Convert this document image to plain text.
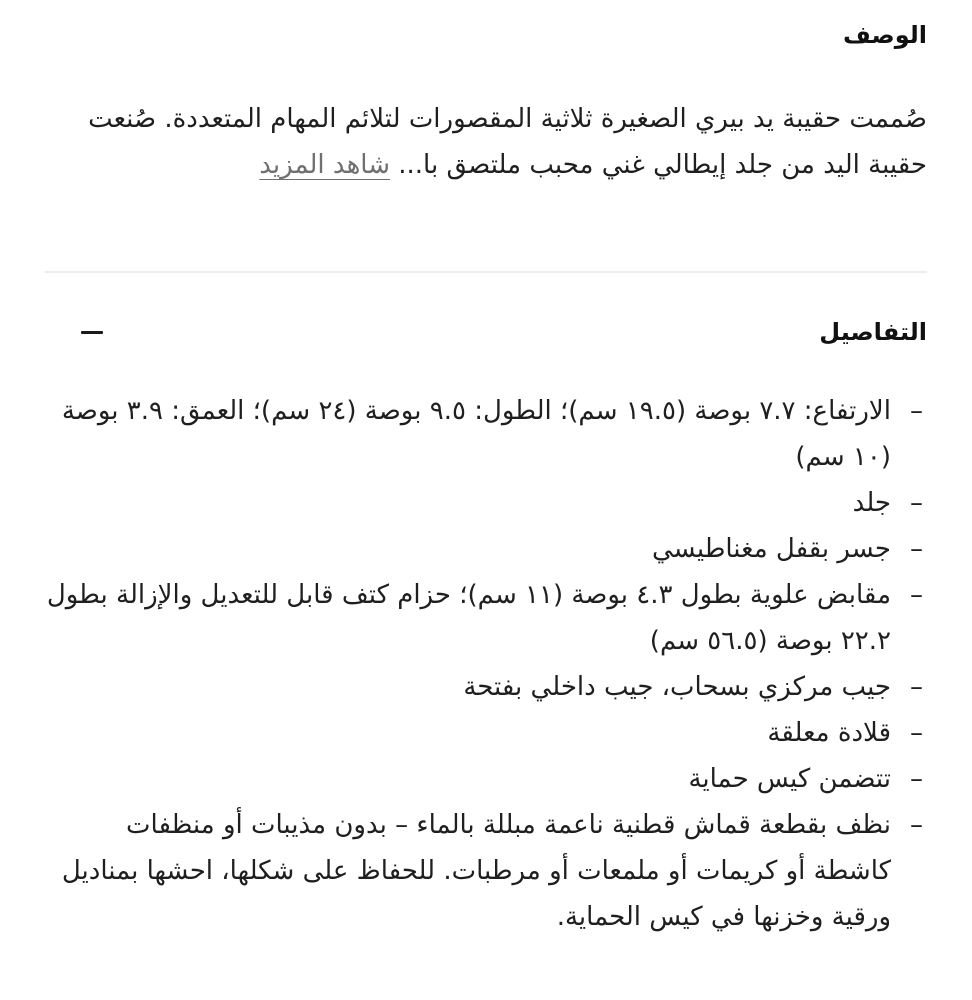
الوصف

صُممت حقيبة يد بيري الصغيرة ثلاثية المقصورات لتلائم المهام المتعددة. صُنعت حقيبة اليد من جلد إيطالي غني محبب ملتصق با... شاهد المزيد

التفاصيل
–
الارتفاع: ٧.٧ بوصة (١٩.٥ سم)؛ الطول: ٩.٥ بوصة (٢٤ سم)؛ العمق: ٣.٩ بوصة (١٠ سم)
–
جلد
–
جسر بقفل مغناطيسي
–
مقابض علوية بطول ٤.٣ بوصة (١١ سم)؛ حزام كتف قابل للتعديل والإزالة بطول ٢٢.٢ بوصة (٥٦.٥ سم)
–
جيب مركزي بسحاب، جيب داخلي بفتحة
–
قلادة معلقة
–
تتضمن كيس حماية
–
نظف بقطعة قماش قطنية ناعمة مبللة بالماء – بدون مذيبات أو منظفات كاشطة أو كريمات أو ملمعات أو مرطبات. للحفاظ على شكلها، احشها بمناديل ورقية وخزنها في كيس الحماية.
